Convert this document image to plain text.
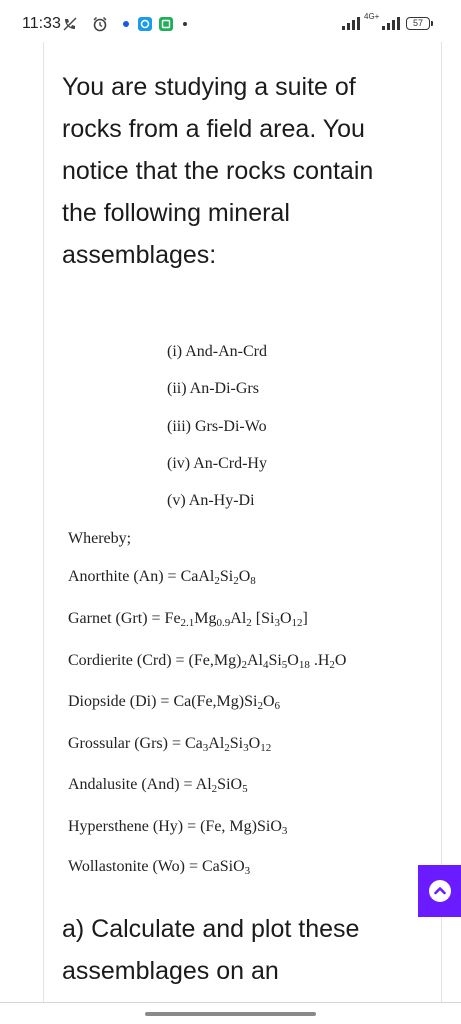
11:33	4G+
57
You are studying a suite of rocks from a field area. You notice that the rocks contain the following mineral assemblages:
(i) And-An-Crd
(ii) An-Di-Grs
(iii) Grs-Di-Wo
(iv) An-Crd-Hy
(v) An-Hy-Di
Whereby;
Anorthite $(An) = CaAl_2Si_2O_8$
Garnet $(Grt) = Fe_{2.1}Mg_{0.9}Al_2$ $[Si_3O_{12}]$
Cordierite $(Crd) = (Fe,Mg)_2Al_4Si_5O_{18}$ $.H_2O$
Diopside $(Di) = Ca(Fe,Mg)Si_2O_6$
Grossular $(Grs) = Ca_3Al_2Si_3O_{12}$
Andalusite $(And) = Al_2SiO_5$
Hypersthene (Hy) = (Fe, Mg)SiO$_3$
Wollastonite (Wo) = CaSiO$_3$
a) Calculate and plot these assemblages on an
